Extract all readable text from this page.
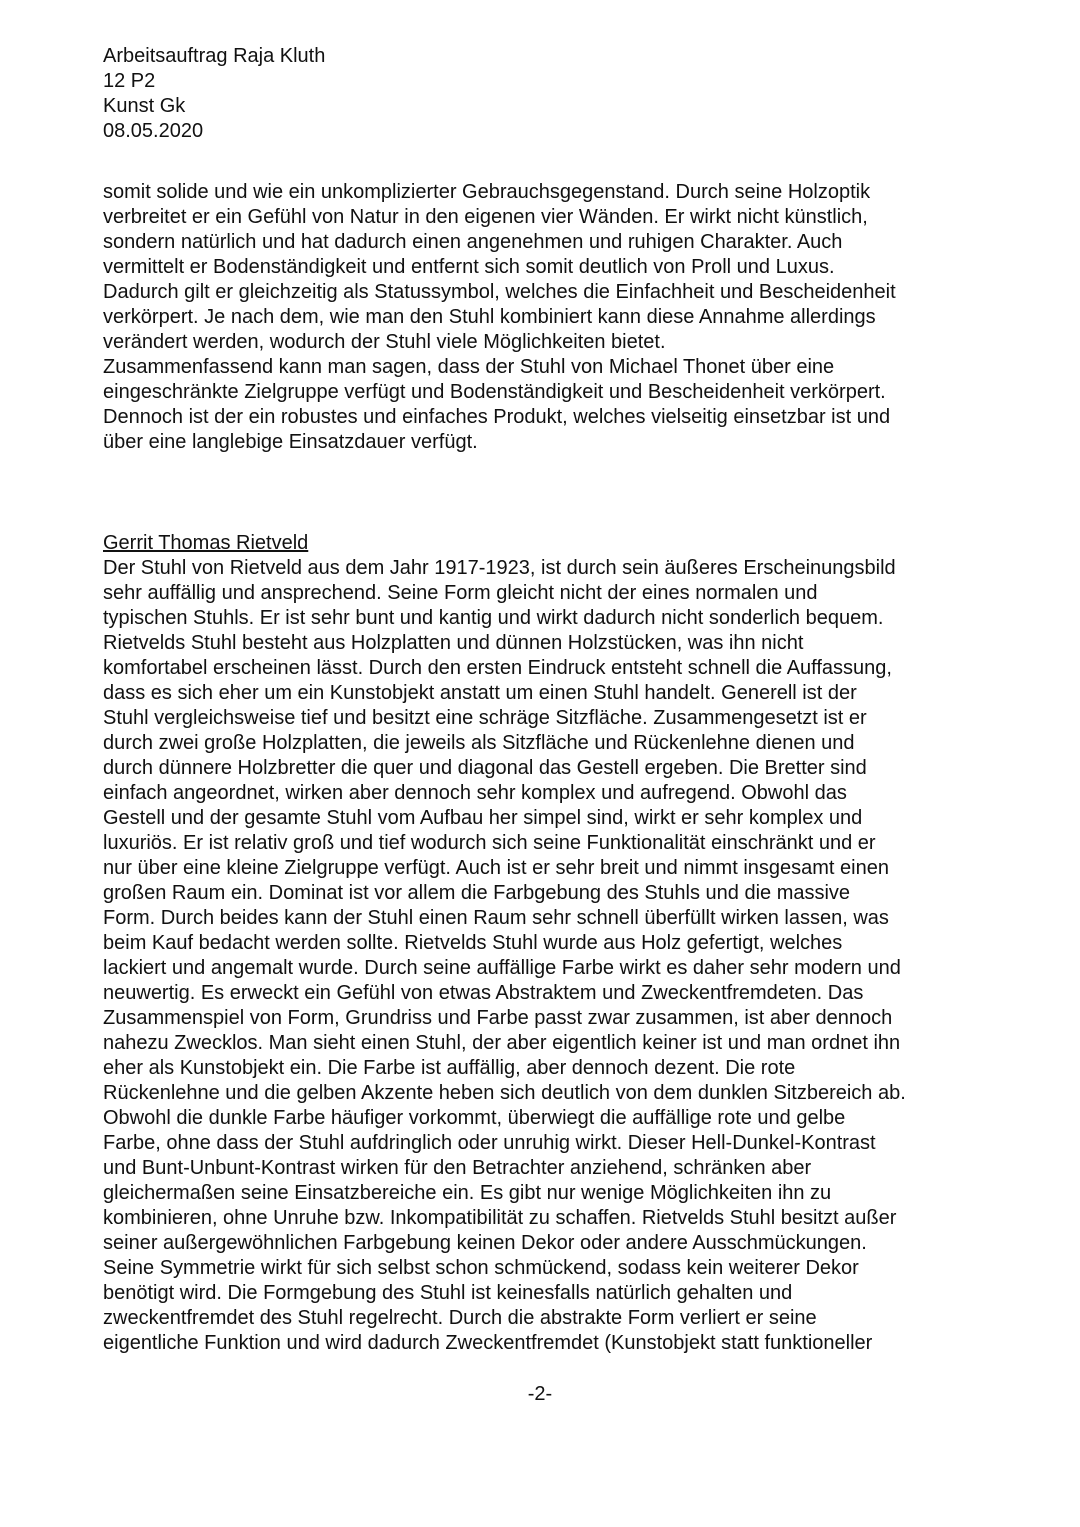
Arbeitsauftrag Raja Kluth
12 P2
Kunst Gk
08.05.2020
somit solide und wie ein unkomplizierter Gebrauchsgegenstand. Durch seine Holzoptik
verbreitet er ein Gefühl von Natur in den eigenen vier Wänden. Er wirkt nicht künstlich,
sondern natürlich und hat dadurch einen angenehmen und ruhigen Charakter. Auch
vermittelt er Bodenständigkeit und entfernt sich somit deutlich von Proll und Luxus.
Dadurch gilt er gleichzeitig als Statussymbol, welches die Einfachheit und Bescheidenheit
verkörpert. Je nach dem, wie man den Stuhl kombiniert kann diese Annahme allerdings
verändert werden, wodurch der Stuhl viele Möglichkeiten bietet.
Zusammenfassend kann man sagen, dass der Stuhl von Michael Thonet über eine
eingeschränkte Zielgruppe verfügt und Bodenständigkeit und Bescheidenheit verkörpert.
Dennoch ist der ein robustes und einfaches Produkt, welches vielseitig einsetzbar ist und
über eine langlebige Einsatzdauer verfügt.
Gerrit Thomas Rietveld
Der Stuhl von Rietveld aus dem Jahr 1917-1923, ist durch sein äußeres Erscheinungsbild
sehr auffällig und ansprechend. Seine Form gleicht nicht der eines normalen und
typischen Stuhls. Er ist sehr bunt und kantig und wirkt dadurch nicht sonderlich bequem.
Rietvelds Stuhl besteht aus Holzplatten und dünnen Holzstücken, was ihn nicht
komfortabel erscheinen lässt. Durch den ersten Eindruck entsteht schnell die Auffassung,
dass es sich eher um ein Kunstobjekt anstatt um einen Stuhl handelt. Generell ist der
Stuhl vergleichsweise tief und besitzt eine schräge Sitzfläche. Zusammengesetzt ist er
durch zwei große Holzplatten, die jeweils als Sitzfläche und Rückenlehne dienen und
durch dünnere Holzbretter die quer und diagonal das Gestell ergeben. Die Bretter sind
einfach angeordnet, wirken aber dennoch sehr komplex und aufregend. Obwohl das
Gestell und der gesamte Stuhl vom Aufbau her simpel sind, wirkt er sehr komplex und
luxuriös. Er ist relativ groß und tief wodurch sich seine Funktionalität einschränkt und er
nur über eine kleine Zielgruppe verfügt. Auch ist er sehr breit und nimmt insgesamt einen
großen Raum ein. Dominat ist vor allem die Farbgebung des Stuhls und die massive
Form. Durch beides kann der Stuhl einen Raum sehr schnell überfüllt wirken lassen, was
beim Kauf bedacht werden sollte. Rietvelds Stuhl wurde aus Holz gefertigt, welches
lackiert und angemalt wurde. Durch seine auffällige Farbe wirkt es daher sehr modern und
neuwertig. Es erweckt ein Gefühl von etwas Abstraktem und Zweckentfremdeten. Das
Zusammenspiel von Form, Grundriss und Farbe passt zwar zusammen, ist aber dennoch
nahezu Zwecklos. Man sieht einen Stuhl, der aber eigentlich keiner ist und man ordnet ihn
eher als Kunstobjekt ein. Die Farbe ist auffällig, aber dennoch dezent. Die rote
Rückenlehne und die gelben Akzente heben sich deutlich von dem dunklen Sitzbereich ab.
Obwohl die dunkle Farbe häufiger vorkommt, überwiegt die auffällige rote und gelbe
Farbe, ohne dass der Stuhl aufdringlich oder unruhig wirkt. Dieser Hell-Dunkel-Kontrast
und Bunt-Unbunt-Kontrast wirken für den Betrachter anziehend, schränken aber
gleichermaßen seine Einsatzbereiche ein. Es gibt nur wenige Möglichkeiten ihn zu
kombinieren, ohne Unruhe bzw. Inkompatibilität zu schaffen. Rietvelds Stuhl besitzt außer
seiner außergewöhnlichen Farbgebung keinen Dekor oder andere Ausschmückungen.
Seine Symmetrie wirkt für sich selbst schon schmückend, sodass kein weiterer Dekor
benötigt wird. Die Formgebung des Stuhl ist keinesfalls natürlich gehalten und
zweckentfremdet des Stuhl regelrecht. Durch die abstrakte Form verliert er seine
eigentliche Funktion und wird dadurch Zweckentfremdet (Kunstobjekt statt funktioneller
-2-
